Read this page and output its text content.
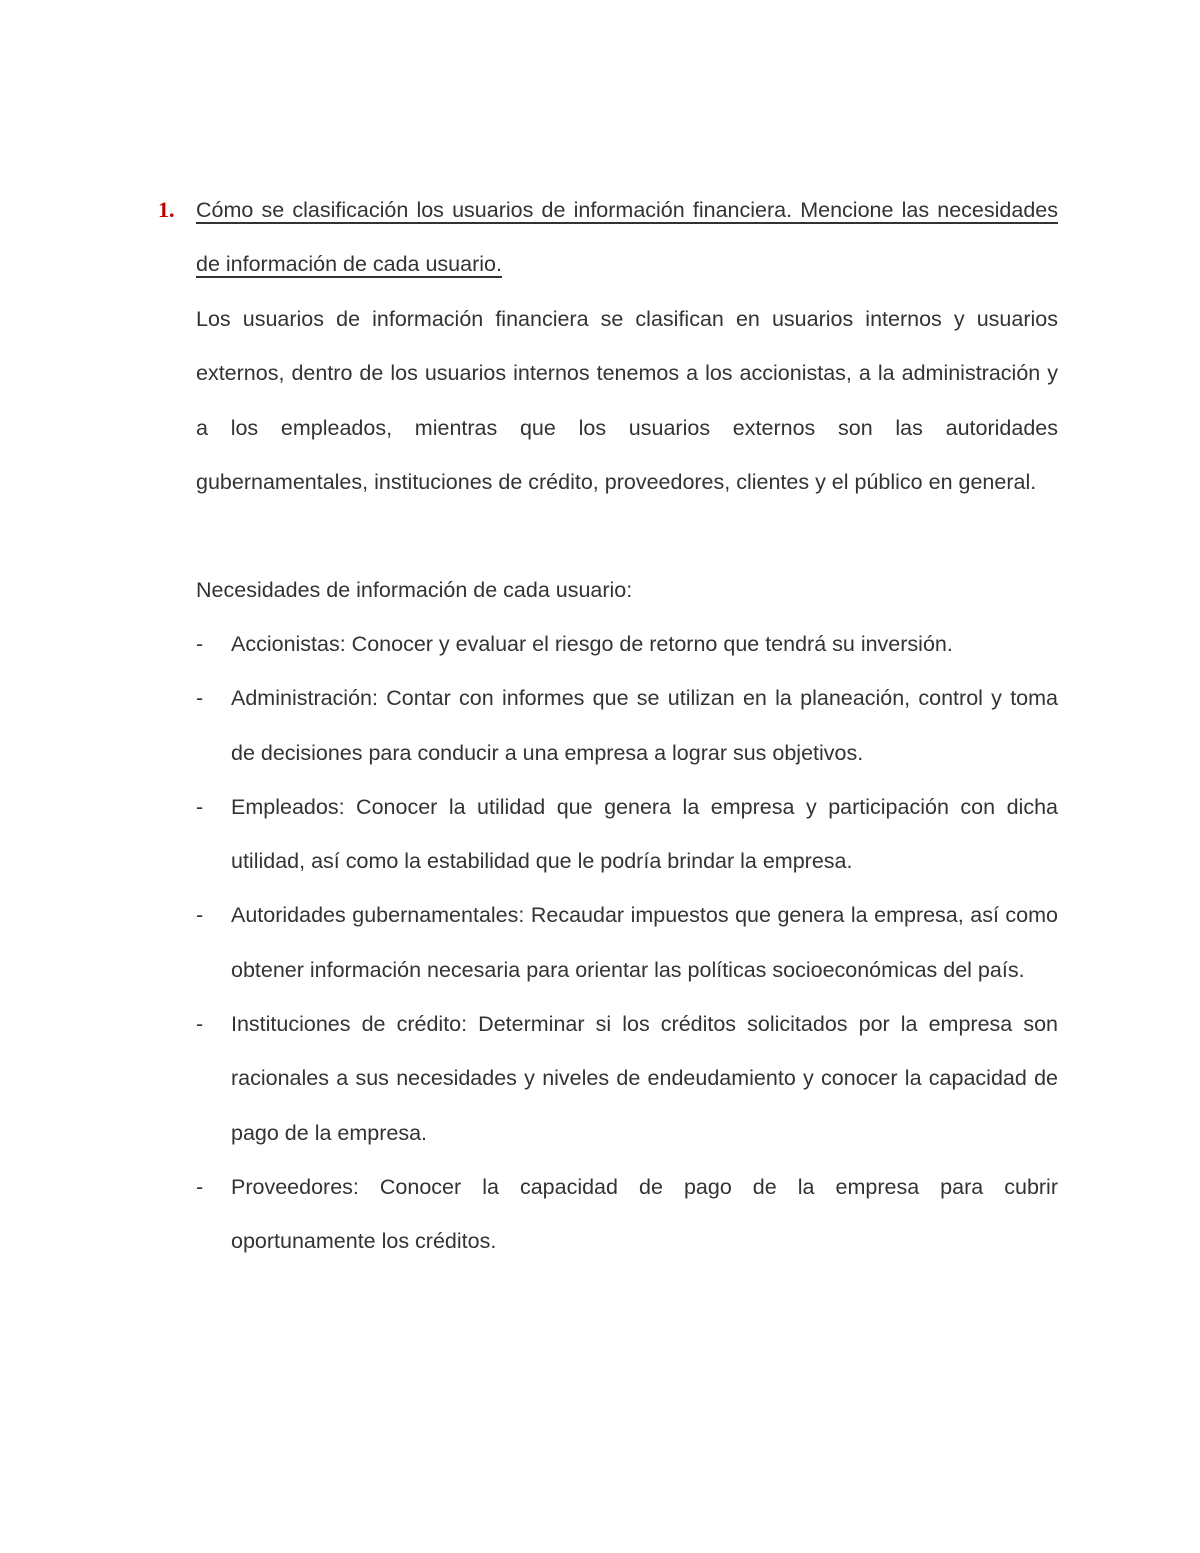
1. Cómo se clasificación los usuarios de información financiera. Mencione las necesidades de información de cada usuario.

Los usuarios de información financiera se clasifican en usuarios internos y usuarios externos, dentro de los usuarios internos tenemos a los accionistas, a la administración y a los empleados, mientras que los usuarios externos son las autoridades gubernamentales, instituciones de crédito, proveedores, clientes y el público en general.

Necesidades de información de cada usuario:

- Accionistas: Conocer y evaluar el riesgo de retorno que tendrá su inversión.
- Administración: Contar con informes que se utilizan en la planeación, control y toma de decisiones para conducir a una empresa a lograr sus objetivos.
- Empleados: Conocer la utilidad que genera la empresa y participación con dicha utilidad, así como la estabilidad que le podría brindar la empresa.
- Autoridades gubernamentales: Recaudar impuestos que genera la empresa, así como obtener información necesaria para orientar las políticas socioeconómicas del país.
- Instituciones de crédito: Determinar si los créditos solicitados por la empresa son racionales a sus necesidades y niveles de endeudamiento y conocer la capacidad de pago de la empresa.
- Proveedores: Conocer la capacidad de pago de la empresa para cubrir oportunamente los créditos.
